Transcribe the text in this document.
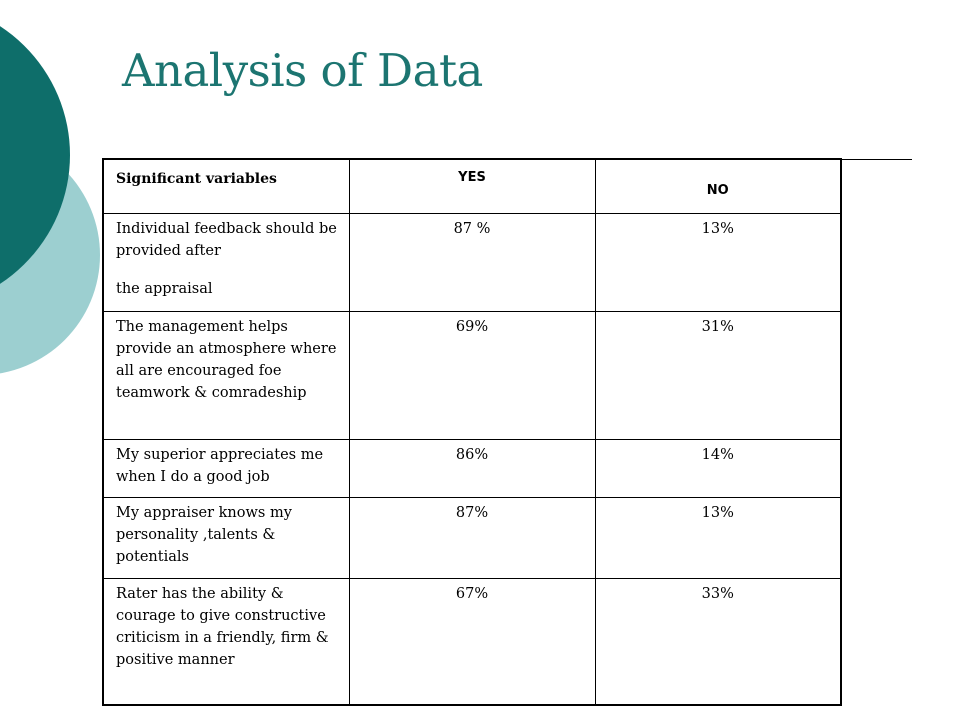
Analysis of Data
Significant variables	YES	NO

Individual feedback should be provided after
the appraisal	87 %	13%

The management helps provide an atmosphere where all are encouraged foe teamwork & comradeship	69%	31%

My superior appreciates me when I do a good job	86%	14%

My appraiser knows my personality ,talents & potentials	87%	13%

Rater has the ability & courage to give constructive criticism in a friendly, firm & positive manner	67%	33%
